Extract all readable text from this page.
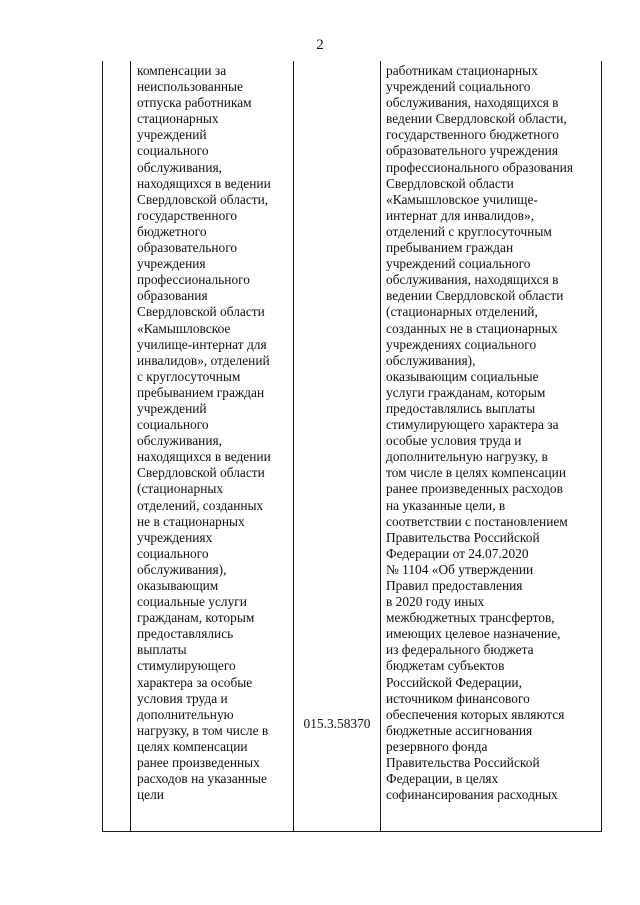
2
компенсации за
неиспользованные
отпуска работникам
стационарных
учреждений
социального
обслуживания,
находящихся в ведении
Свердловской области,
государственного
бюджетного
образовательного
учреждения
профессионального
образования
Свердловской области
«Камышловское
училище-интернат для
инвалидов», отделений
с круглосуточным
пребыванием граждан
учреждений
социального
обслуживания,
находящихся в ведении
Свердловской области
(стационарных
отделений, созданных
не в стационарных
учреждениях
социального
обслуживания),
оказывающим
социальные услуги
гражданам, которым
предоставлялись
выплаты
стимулирующего
характера за особые
условия труда и
дополнительную
нагрузку, в том числе в
целях компенсации
ранее произведенных
расходов на указанные
цели
015.3.58370
работникам стационарных
учреждений социального
обслуживания, находящихся в
ведении Свердловской области,
государственного бюджетного
образовательного учреждения
профессионального образования
Свердловской области
«Камышловское училище-
интернат для инвалидов»,
отделений с круглосуточным
пребыванием граждан
учреждений социального
обслуживания, находящихся в
ведении Свердловской области
(стационарных отделений,
созданных не в стационарных
учреждениях социального
обслуживания),
оказывающим социальные
услуги гражданам, которым
предоставлялись выплаты
стимулирующего характера за
особые условия труда и
дополнительную нагрузку, в
том числе в целях компенсации
ранее произведенных расходов
на указанные цели, в
соответствии с постановлением
Правительства Российской
Федерации от 24.07.2020
№ 1104 «Об утверждении
Правил предоставления
в 2020 году иных
межбюджетных трансфертов,
имеющих целевое назначение,
из федерального бюджета
бюджетам субъектов
Российской Федерации,
источником финансового
обеспечения которых являются
бюджетные ассигнования
резервного фонда
Правительства Российской
Федерации, в целях
софинансирования расходных
